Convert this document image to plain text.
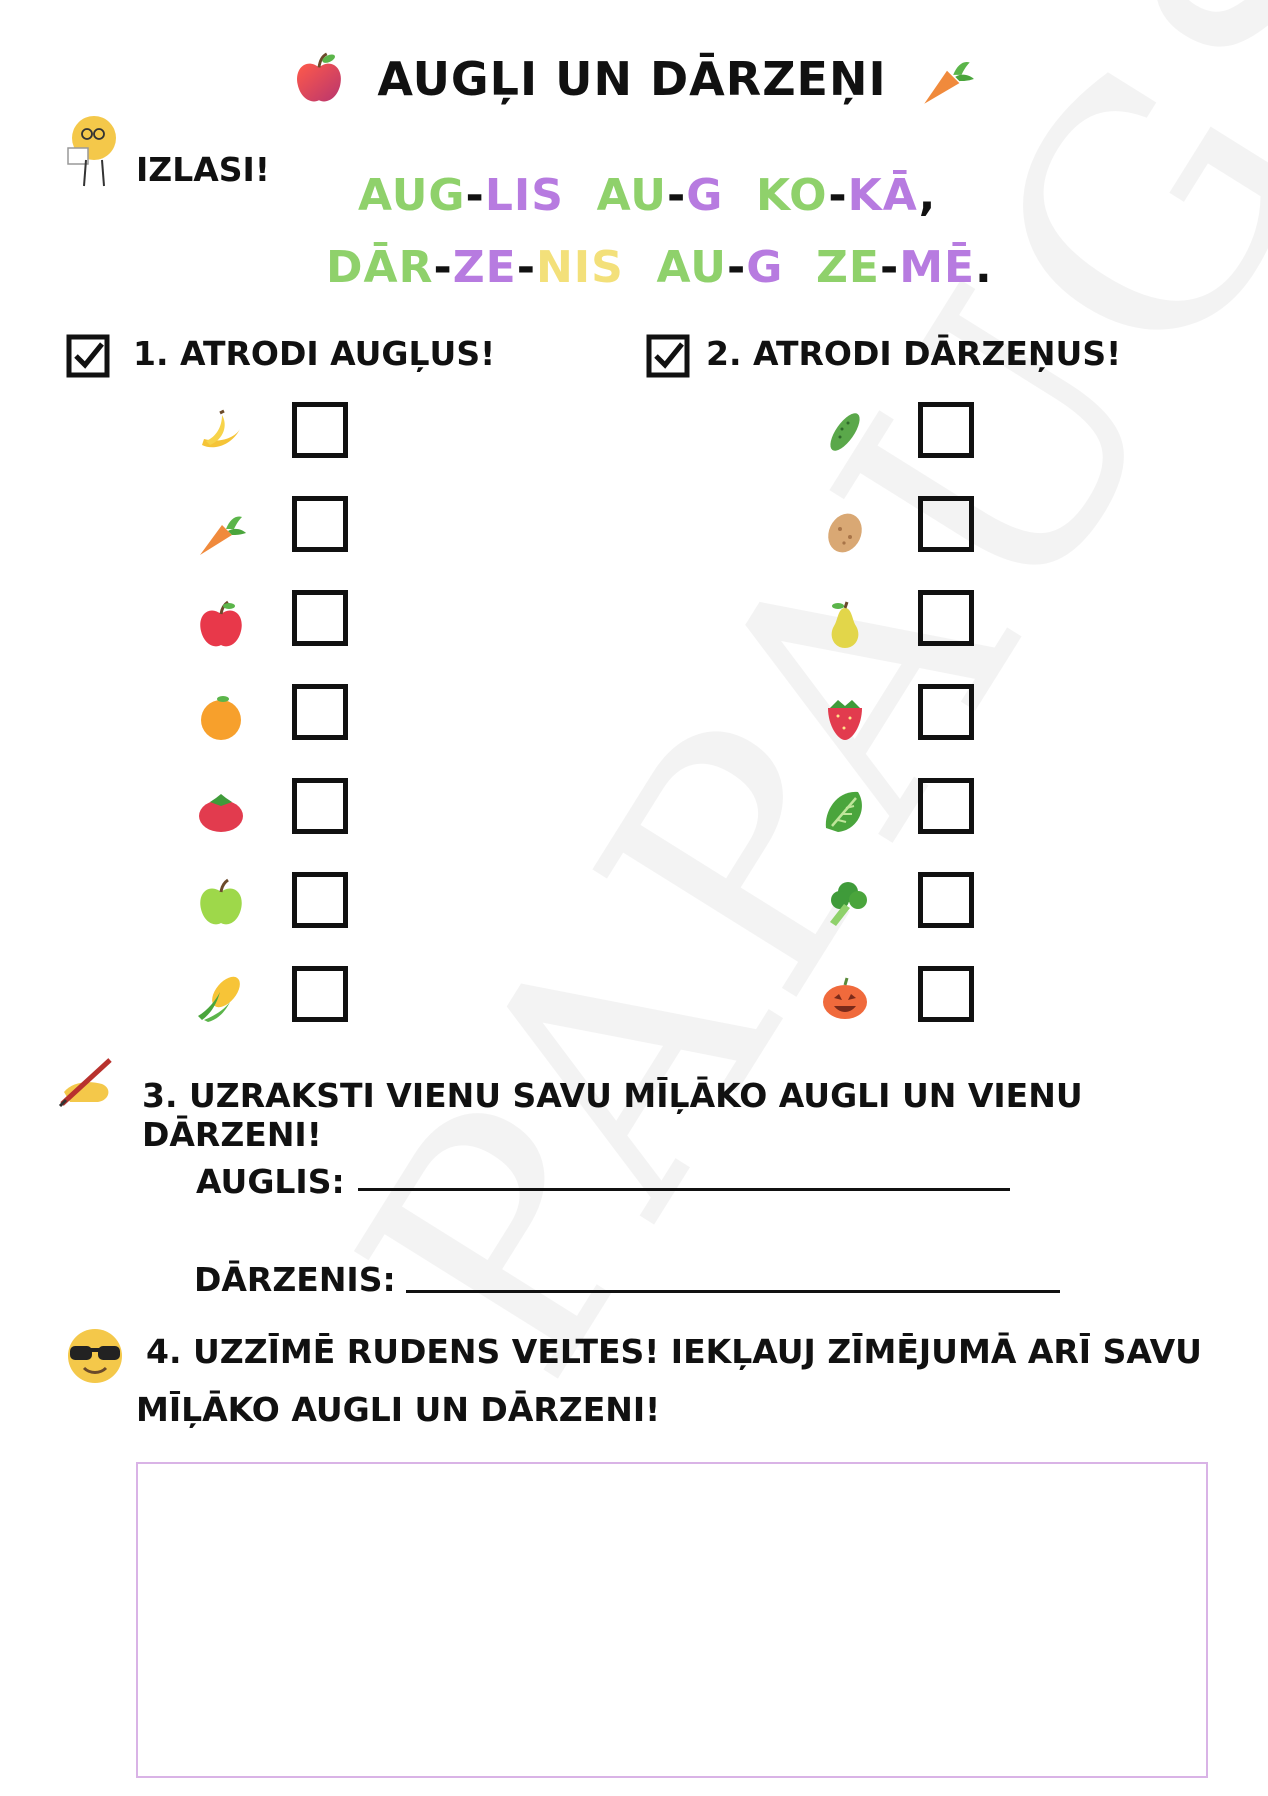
AUGĻI UN DĀRZEŅI
IZLASI!
AUG-LIS AU-G KO-KĀ,
DĀR-ZE-NIS AU-G ZE-MĒ.
1. ATRODI AUGĻUS!	2. ATRODI DĀRZEŅUS!
3. UZRAKSTI VIENU SAVU MĪĻĀKO AUGLI UN VIENU DĀRZENI!
AUGLIS:
DĀRZENIS:
4. UZZĪMĒ RUDENS VELTES! IEKĻAUJ ZĪMĒJUMĀ ARĪ SAVU
MĪĻĀKO AUGLI UN DĀRZENI!
